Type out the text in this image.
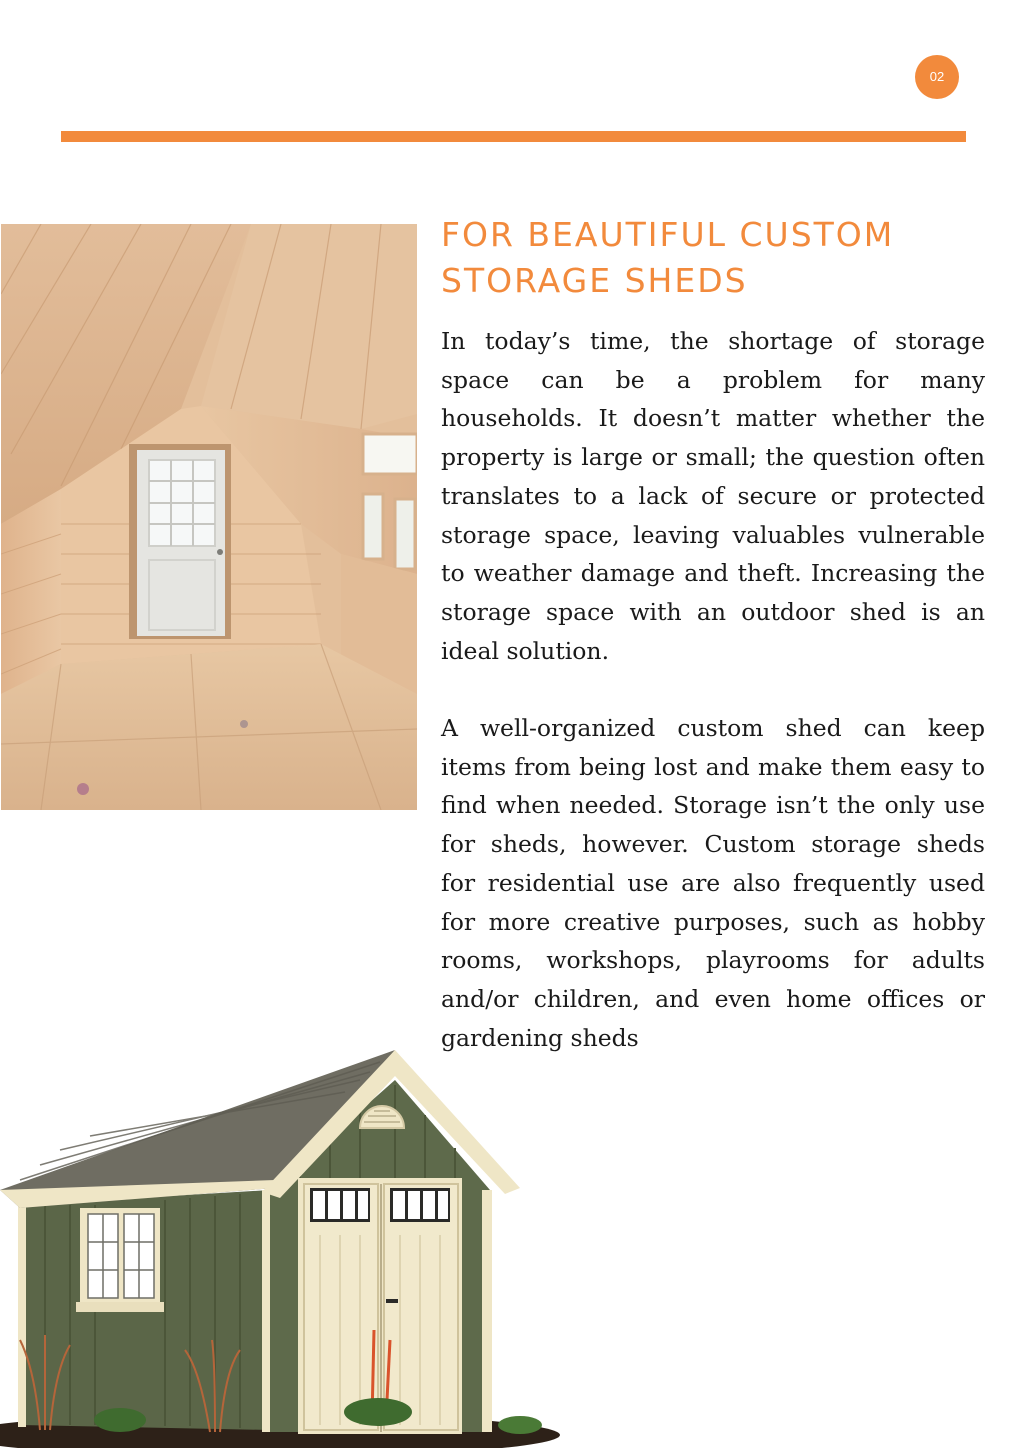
02
FOR BEAUTIFUL CUSTOM STORAGE SHEDS

In today’s time, the shortage of storage space can be a problem for many households. It doesn’t matter whether the property is large or small; the question often translates to a lack of secure or protected storage space, leaving valuables vulnerable to weather damage and theft. Increasing the storage space with an outdoor shed is an ideal solution.

A well-organized custom shed can keep items from being lost and make them easy to find when needed. Storage isn’t the only use for sheds, however. Custom storage sheds for residential use are also frequently used for more creative purposes, such as hobby rooms, workshops, playrooms for adults and/or children, and even home offices or gardening sheds
